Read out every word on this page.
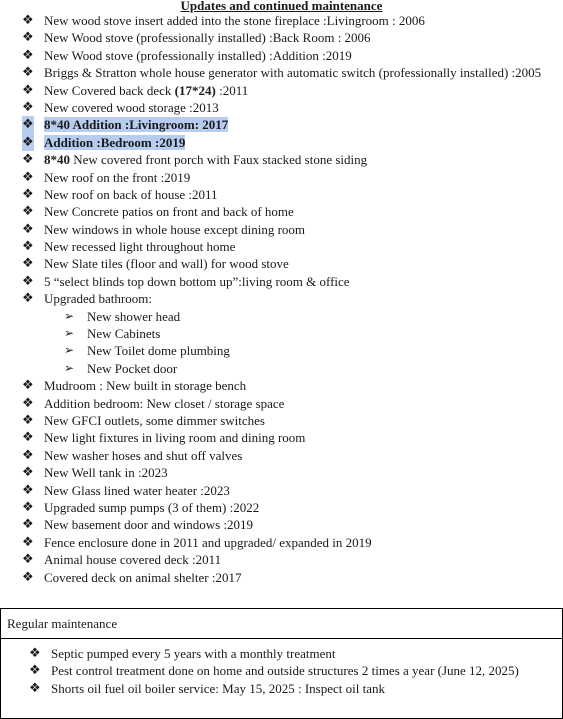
Updates and continued maintenance
❖ New wood stove insert added into the stone fireplace :Livingroom : 2006
❖ New Wood stove (professionally installed) :Back Room : 2006
❖ New Wood stove (professionally installed) :Addition :2019
❖ Briggs & Stratton whole house generator with automatic switch (professionally installed) :2005
❖ New Covered back deck (17*24) :2011
❖ New covered wood storage :2013
❖ 8*40 Addition :Livingroom: 2017
❖ Addition :Bedroom :2019
❖ 8*40 New covered front porch with Faux stacked stone siding
❖ New roof on the front :2019
❖ New roof on back of house :2011
❖ New Concrete patios on front and back of home
❖ New windows in whole house except dining room
❖ New recessed light throughout home
❖ New Slate tiles (floor and wall) for wood stove
❖ 5 “select blinds top down bottom up”:living room & office
❖ Upgraded bathroom:
➢ New shower head
➢ New Cabinets
➢ New Toilet dome plumbing
➢ New Pocket door
❖ Mudroom : New built in storage bench
❖ Addition bedroom: New closet / storage space
❖ New GFCI outlets, some dimmer switches
❖ New light fixtures in living room and dining room
❖ New washer hoses and shut off valves
❖ New Well tank in :2023
❖ New Glass lined water heater :2023
❖ Upgraded sump pumps (3 of them) :2022
❖ New basement door and windows :2019
❖ Fence enclosure done in 2011 and upgraded/ expanded in 2019
❖ Animal house covered deck :2011
❖ Covered deck on animal shelter :2017
Regular maintenance
❖ Septic pumped every 5 years with a monthly treatment
❖ Pest control treatment done on home and outside structures 2 times a year (June 12, 2025)
❖ Shorts oil fuel oil boiler service: May 15, 2025 : Inspect oil tank
